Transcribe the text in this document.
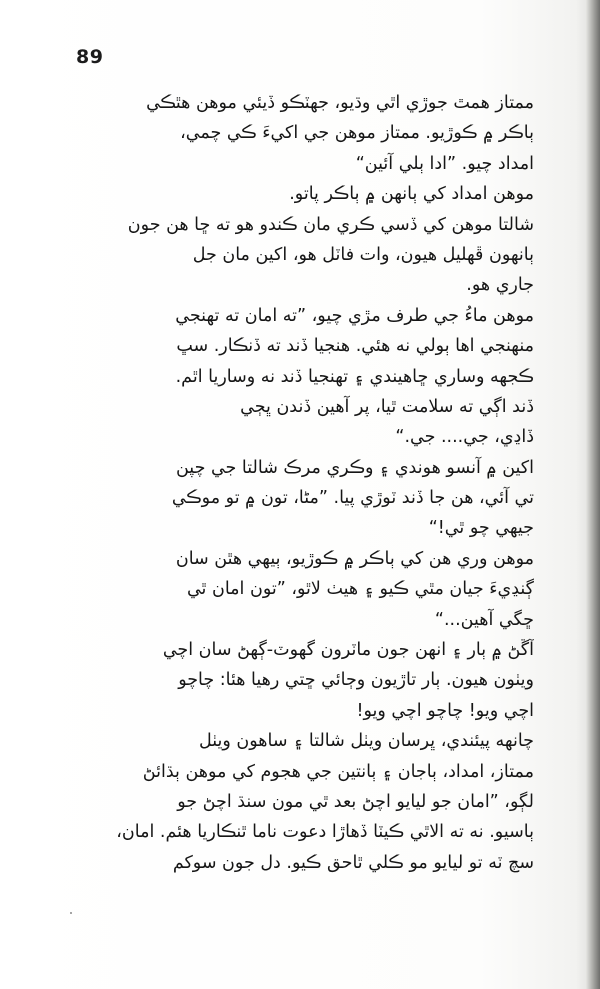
89
ممتاز همٿ جوڙي اٿي وڌيو، جهٽڪو ڏيئي موهن هٿڪي
ٻاڪر ۾ ڪوڙيو. ممتاز موهن جي اکيءَ ڪي چمي،
امداد چيو. ”ادا ٻلي آئين“
موهن امداد کي ٻانهن ۾ ٻاڪر پاتو.
شالتا موهن کي ڏسي ڪري مان ڪندو هو ته ڇا هن جون
ٻانهون ڦهليل هيون، وات فاٽل هو، اکين مان جل
جاري هو.
موهن ماءُ جي طرف مڙي چيو، ”ته امان ته تهنجي
منهنجي اها ٻولي نه هئي. هنجيا ڏند ته ڏنڪار. سڀ
ڪجهه وساري ڇاهيندي ۽ تهنجيا ڏند نه وساريا اٿم.
ڏند اڳي ته سلامت ٿيا، پر آهين ڏندن ڀڄي
ڏاڍي، جي.... جي.“
اکين ۾ آنسو هوندي ۽ وڪري مرڪ شالتا جي چپن
تي آئي، هن جا ڏند ٽوڙي پيا. ”مڻا، تون ۾ تو موڪي
جيهي چو ٿي!“
موهن وري هن کي ٻاڪر ۾ ڪوڙيو، ٻيهي هٿن سان
ڳنڍيءَ جيان مٿي ڪيو ۽ هيٺ لاٿو، ”تون امان ٿي
ڇگي آهين...“
آڱڻ ۾ ٻار ۽ انهن جون ماٽرون گهوٽ-ڳهڻ سان اچي
ويٺون هيون. ٻار تاڙيون وڄائي ڇتي رهيا هئا: چاچو
اچي ويو! چاچو اچي ويو!
چانهه پيئندي، ڀرسان ويٺل شالتا ۽ ساهون ويٺل
ممتاز، امداد، ٻاجان ۽ ٻانتين جي هجوم کي موهن ٻڌائڻ
لڳو، ”امان جو ليايو اچڻ بعد ٿي مون سنڌ اچڻ جو
ٻاسيو. نه ته الاٿي ڪيٽا ڏهاڙا دعوت ناما ٿنڪاريا هئم. امان،
سچ ٽه تو ليايو مو ڪلي ٿاحق ڪيو. دل جون سوکم
